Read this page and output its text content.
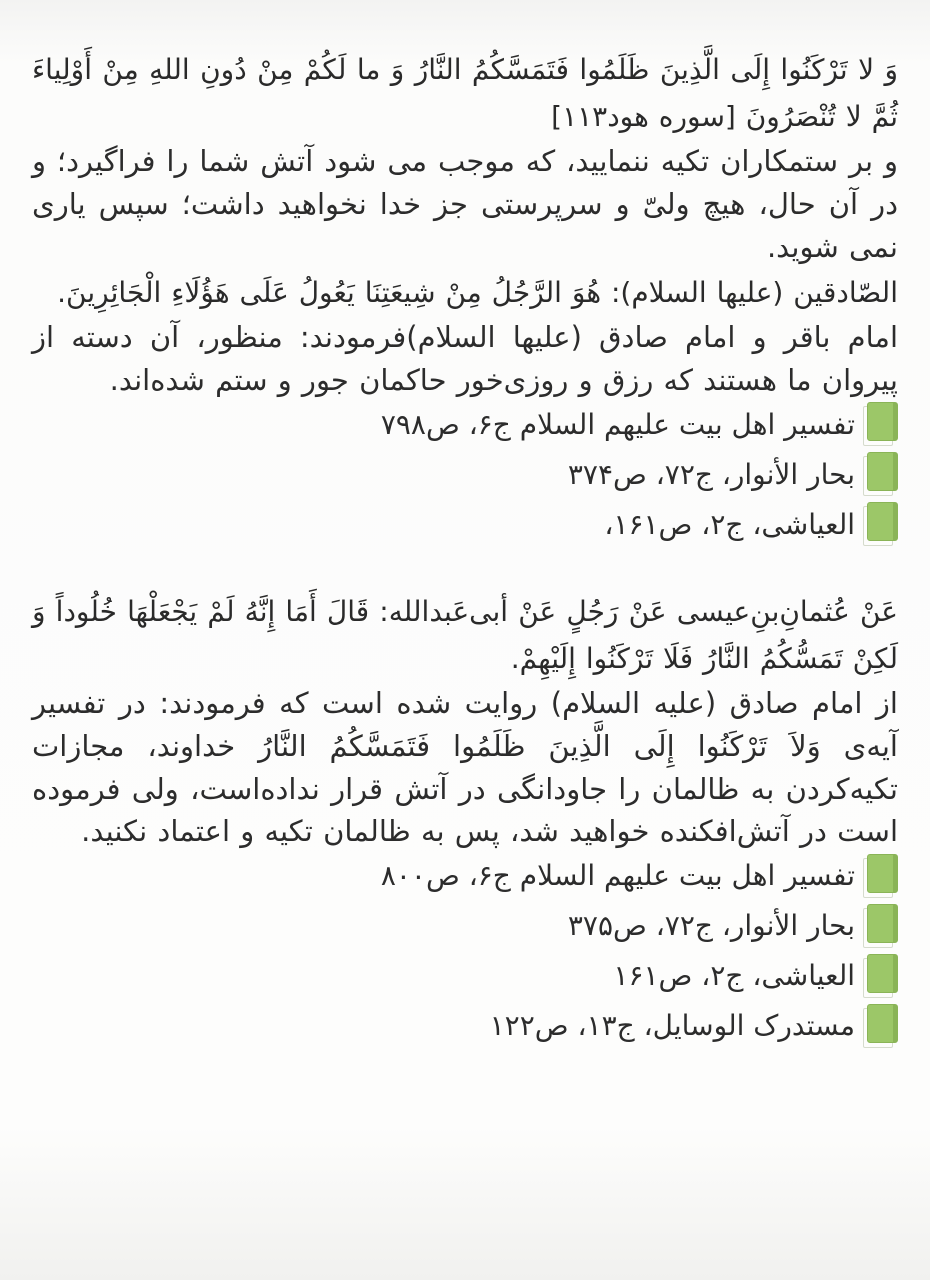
وَ لا تَرْکَنُوا إِلَی الَّذِینَ ظَلَمُوا فَتَمَسَّکُمُ النَّارُ وَ ما لَکُمْ مِنْ دُونِ اللهِ مِنْ أَوْلِیاءَ ثُمَّ لا تُنْصَرُونَ [سوره هود۱۱۳]

و بر ستمکاران تکیه ننمایید، که موجب می شود آتش شما را فراگیرد؛ و در آن حال، هیچ ولیّ و سرپرستی جز خدا نخواهید داشت؛ سپس یاری نمی شوید.

الصّادقین (علیها السلام): هُوَ الرَّجُلُ مِنْ شِیعَتِنَا یَعُولُ عَلَی هَؤُلَاءِ الْجَائِرِینَ.

امام باقر و امام صادق (علیها السلام)فرمودند: منظور، آن دسته از پیروان ما هستند که رزق و روزی‌خور حاکمان جور و ستم شده‌اند.

تفسیر اهل بیت علیهم السلام ج۶، ص۷۹۸
بحار الأنوار، ج۷۲، ص۳۷۴
العیاشی، ج۲، ص۱۶۱،

عَنْ عُثمانِ‌بنِ‌عیسی عَنْ رَجُلٍ عَنْ أبی‌عَبدالله: قَالَ أَمَا إِنَّهُ لَمْ یَجْعَلْهَا خُلُوداً وَ لَکِنْ تَمَسُّکُمُ النَّارُ فَلَا تَرْکَنُوا إِلَیْهِمْ.

از امام صادق (علیه السلام) روایت شده است که فرمودند: در تفسیر آیه‌ی وَلاَ تَرْکَنُوا إِلَی الَّذِینَ ظَلَمُوا فَتَمَسَّکُمُ النَّارُ خداوند، مجازات تکیه‌کردن به ظالمان را جاودانگی در آتش قرار نداده‌است، ولی فرموده است در آتش‌افکنده خواهید شد، پس به ظالمان تکیه و اعتماد نکنید.

تفسیر اهل بیت علیهم السلام ج۶، ص۸۰۰
بحار الأنوار، ج۷۲، ص۳۷۵
العیاشی، ج۲، ص۱۶۱
مستدرک الوسایل، ج۱۳، ص۱۲۲
